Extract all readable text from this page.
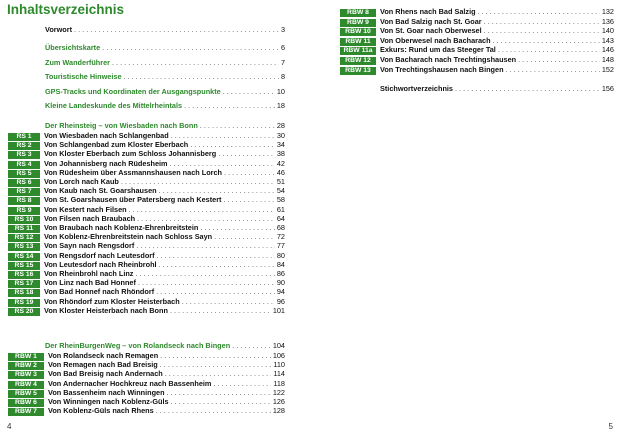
Inhaltsverzeichnis
Vorwort . . .	3
Übersichtskarte . . .	6
Zum Wanderführer . . .	7
Touristische Hinweise . . .	8
GPS-Tracks und Koordinaten der Ausgangspunkte . . .	10
Kleine Landeskunde des Mittelrheintals . . .	18
Der Rheinsteig – von Wiesbaden nach Bonn . . .	28
RS 1	Von Wiesbaden nach Schlangenbad . . .	30
RS 2	Von Schlangenbad zum Kloster Eberbach . . .	34
RS 3	Von Kloster Eberbach zum Schloss Johannisberg . . .	38
RS 4	Von Johannisberg nach Rüdesheim . . .	42
RS 5	Von Rüdesheim über Assmannshausen nach Lorch . . .	46
RS 6	Von Lorch nach Kaub . . .	51
RS 7	Von Kaub nach St. Goarshausen . . .	54
RS 8	Von St. Goarshausen über Patersberg nach Kestert . . .	58
RS 9	Von Kestert nach Filsen . . .	61
RS 10	Von Filsen nach Braubach . . .	64
RS 11	Von Braubach nach Koblenz-Ehrenbreitstein . . .	68
RS 12	Von Koblenz-Ehrenbreitstein nach Schloss Sayn . . .	72
RS 13	Von Sayn nach Rengsdorf . . .	77
RS 14	Von Rengsdorf nach Leutesdorf . . .	80
RS 15	Von Leutesdorf nach Rheinbrohl . . .	84
RS 16	Von Rheinbrohl nach Linz . . .	86
RS 17	Von Linz nach Bad Honnef . . .	90
RS 18	Von Bad Honnef nach Rhöndorf . . .	94
RS 19	Von Rhöndorf zum Kloster Heisterbach . . .	96
RS 20	Von Kloster Heisterbach nach Bonn . . .	101
Der RheinBurgenWeg – von Rolandseck nach Bingen . . .	104
RBW 1	Von Rolandseck nach Remagen . . .	106
RBW 2	Von Remagen nach Bad Breisig . . .	110
RBW 3	Von Bad Breisig nach Andernach . . .	114
RBW 4	Von Andernacher Hochkreuz nach Bassenheim . . .	118
RBW 5	Von Bassenheim nach Winningen . . .	122
RBW 6	Von Winningen nach Koblenz-Güls . . .	126
RBW 7	Von Koblenz-Güls nach Rhens . . .	128
4
RBW 8	Von Rhens nach Bad Salzig . . .	132
RBW 9	Von Bad Salzig nach St. Goar . . .	136
RBW 10	Von St. Goar nach Oberwesel . . .	140
RBW 11	Von Oberwesel nach Bacharach . . .	143
RBW 11a	Exkurs: Rund um das Steeger Tal . . .	146
RBW 12	Von Bacharach nach Trechtingshausen . . .	148
RBW 13	Von Trechtingshausen nach Bingen . . .	152
Stichwortverzeichnis . . .	156
5
